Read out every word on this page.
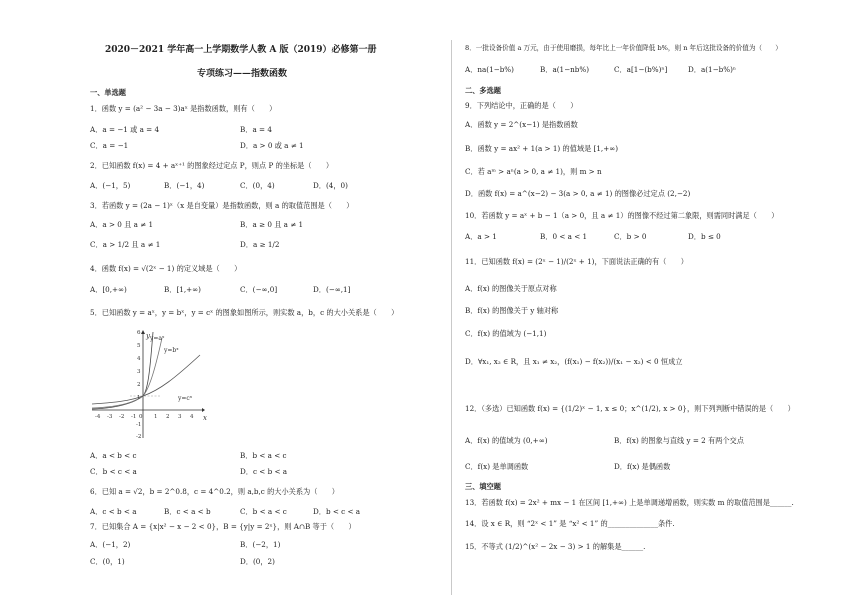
2020－2021 学年高一上学期数学人教 A 版（2019）必修第一册
专项练习——指数函数
一、单选题
1．函数 y = (a² − 3a − 3)aˣ 是指数函数，则有（　　）
A．a = −1 或 a = 4	B．a = 4
C．a = −1	D．a > 0 或 a ≠ 1
2．已知函数 f(x) = 4 + aˣ⁺¹ 的图象经过定点 P，则点 P 的坐标是（　　）
A．(−1，5)	B．(−1，4)	C．(0，4)	D．(4，0)
3．若函数 y = (2a − 1)ˣ（x 是自变量）是指数函数，则 a 的取值范围是（　　）
A．a > 0 且 a ≠ 1	B．a ≥ 0 且 a ≠ 1
C．a > 1/2 且 a ≠ 1	D．a ≥ 1/2
4．函数 f(x) = √(2ˣ − 1) 的定义域是（　　）
A．[0,+∞)	B．[1,+∞)	C．(−∞,0]	D．(−∞,1]
5．已知函数 y = aˣ，y = bˣ，y = cˣ 的图象如图所示，则实数 a，b，c 的大小关系是（　　）
y=aˣ
y=bˣ
y=cˣ
x
y
-4 -3 -2 -1 0 1 2 3 4
6
5
4
3
2
1
-1
-2
A．a < b < c	B．b < a < c
C．b < c < a	D．c < b < a
6．已知 a = √2，b = 2^0.8，c = 4^0.2，则 a,b,c 的大小关系为（　　）
A．c < b < a	B．c < a < b	C．b < a < c	D．b < c < a
7．已知集合 A = {x|x² − x − 2 < 0}，B = {y|y = 2ˣ}，则 A∩B 等于（　　）
A．(−1，2)	B．(−2，1)
C．(0，1)	D．(0，2)
8．一批设备价值 a 万元，由于使用磨损，每年比上一年价值降低 b%，则 n 年后这批设备的价值为（　　）
A．na(1−b%)	B．a(1−nb%)	C．a[1−(b%)ⁿ]	D．a(1−b%)ⁿ
二、多选题
9．下列结论中，正确的是（　　）
A．函数 y = 2^(x−1) 是指数函数
B．函数 y = ax² + 1(a > 1) 的值域是 [1,+∞)
C．若 aᵐ > aⁿ(a > 0, a ≠ 1)，则 m > n
D．函数 f(x) = a^(x−2) − 3(a > 0, a ≠ 1) 的图像必过定点 (2,−2)
10．若函数 y = aˣ + b − 1（a > 0，且 a ≠ 1）的图像不经过第二象限，则需同时满足（　　）
A．a > 1	B．0 < a < 1	C．b > 0	D．b ≤ 0
11．已知函数 f(x) = (2ˣ − 1)/(2ˣ + 1)，下面说法正确的有（　　）
A．f(x) 的图像关于原点对称
B．f(x) 的图像关于 y 轴对称
C．f(x) 的值域为 (−1,1)
D．∀x₁, x₂ ∈ R，且 x₁ ≠ x₂，(f(x₁) − f(x₂))/(x₁ − x₂) < 0 恒成立
12．（多选）已知函数 f(x) = {(1/2)ˣ − 1, x ≤ 0；x^(1/2), x > 0}，则下列判断中错误的是（　　）
A．f(x) 的值域为 (0,+∞)	B．f(x) 的图象与直线 y = 2 有两个交点
C．f(x) 是单调函数	D．f(x) 是偶函数
三、填空题
13．若函数 f(x) = 2x² + mx − 1 在区间 [1,+∞) 上是单调递增函数，则实数 m 的取值范围是______.
14．设 x ∈ R，则 “2ˣ < 1” 是 “x² < 1” 的______________条件.
15．不等式 (1/2)^(x² − 2x − 3) > 1 的解集是______.
